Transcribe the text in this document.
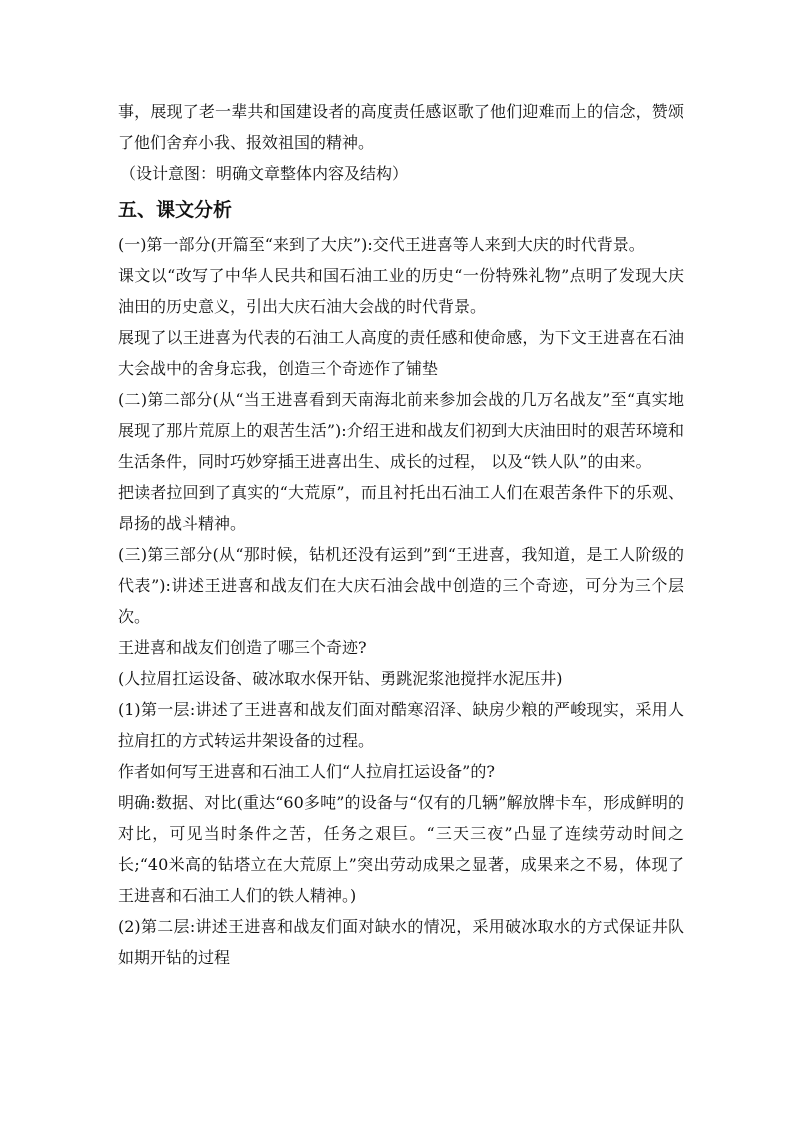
事，展现了老一辈共和国建设者的高度责任感讴歌了他们迎难而上的信念，赞颂了他们舍弃小我、报效祖国的精神。

（设计意图：明确文章整体内容及结构）

五、课文分析

(一)第一部分(开篇至“来到了大庆”):交代王进喜等人来到大庆的时代背景。

课文以“改写了中华人民共和国石油工业的历史“一份特殊礼物”点明了发现大庆油田的历史意义，引出大庆石油大会战的时代背景。

展现了以王进喜为代表的石油工人高度的责任感和使命感，为下文王进喜在石油大会战中的舍身忘我，创造三个奇迹作了铺垫

(二)第二部分(从“当王进喜看到天南海北前来参加会战的几万名战友”至“真实地展现了那片荒原上的艰苦生活”):介绍王进和战友们初到大庆油田时的艰苦环境和生活条件，同时巧妙穿插王进喜出生、成长的过程， 以及“铁人队”的由来。

把读者拉回到了真实的“大荒原”，而且衬托出石油工人们在艰苦条件下的乐观、昂扬的战斗精神。

(三)第三部分(从“那时候，钻机还没有运到”到“王进喜，我知道，是工人阶级的代表”):讲述王进喜和战友们在大庆石油会战中创造的三个奇迹，可分为三个层次。

王进喜和战友们创造了哪三个奇迹?

(人拉眉扛运设备、破冰取水保开钻、勇跳泥浆池搅拌水泥压井)

(1)第一层:讲述了王进喜和战友们面对酷寒沼泽、缺房少粮的严峻现实，采用人拉肩扛的方式转运井架设备的过程。

作者如何写王进喜和石油工人们“人拉肩扛运设备”的?

明确:数据、对比(重达“60多吨”的设备与“仅有的几辆”解放牌卡车，形成鲜明的对比，可见当时条件之苦，任务之艰巨。“三天三夜”凸显了连续劳动时间之长;“40米高的钻塔立在大荒原上”突出劳动成果之显著，成果来之不易，体现了王进喜和石油工人们的铁人精神。)

(2)第二层:讲述王进喜和战友们面对缺水的情况，采用破冰取水的方式保证井队如期开钻的过程
